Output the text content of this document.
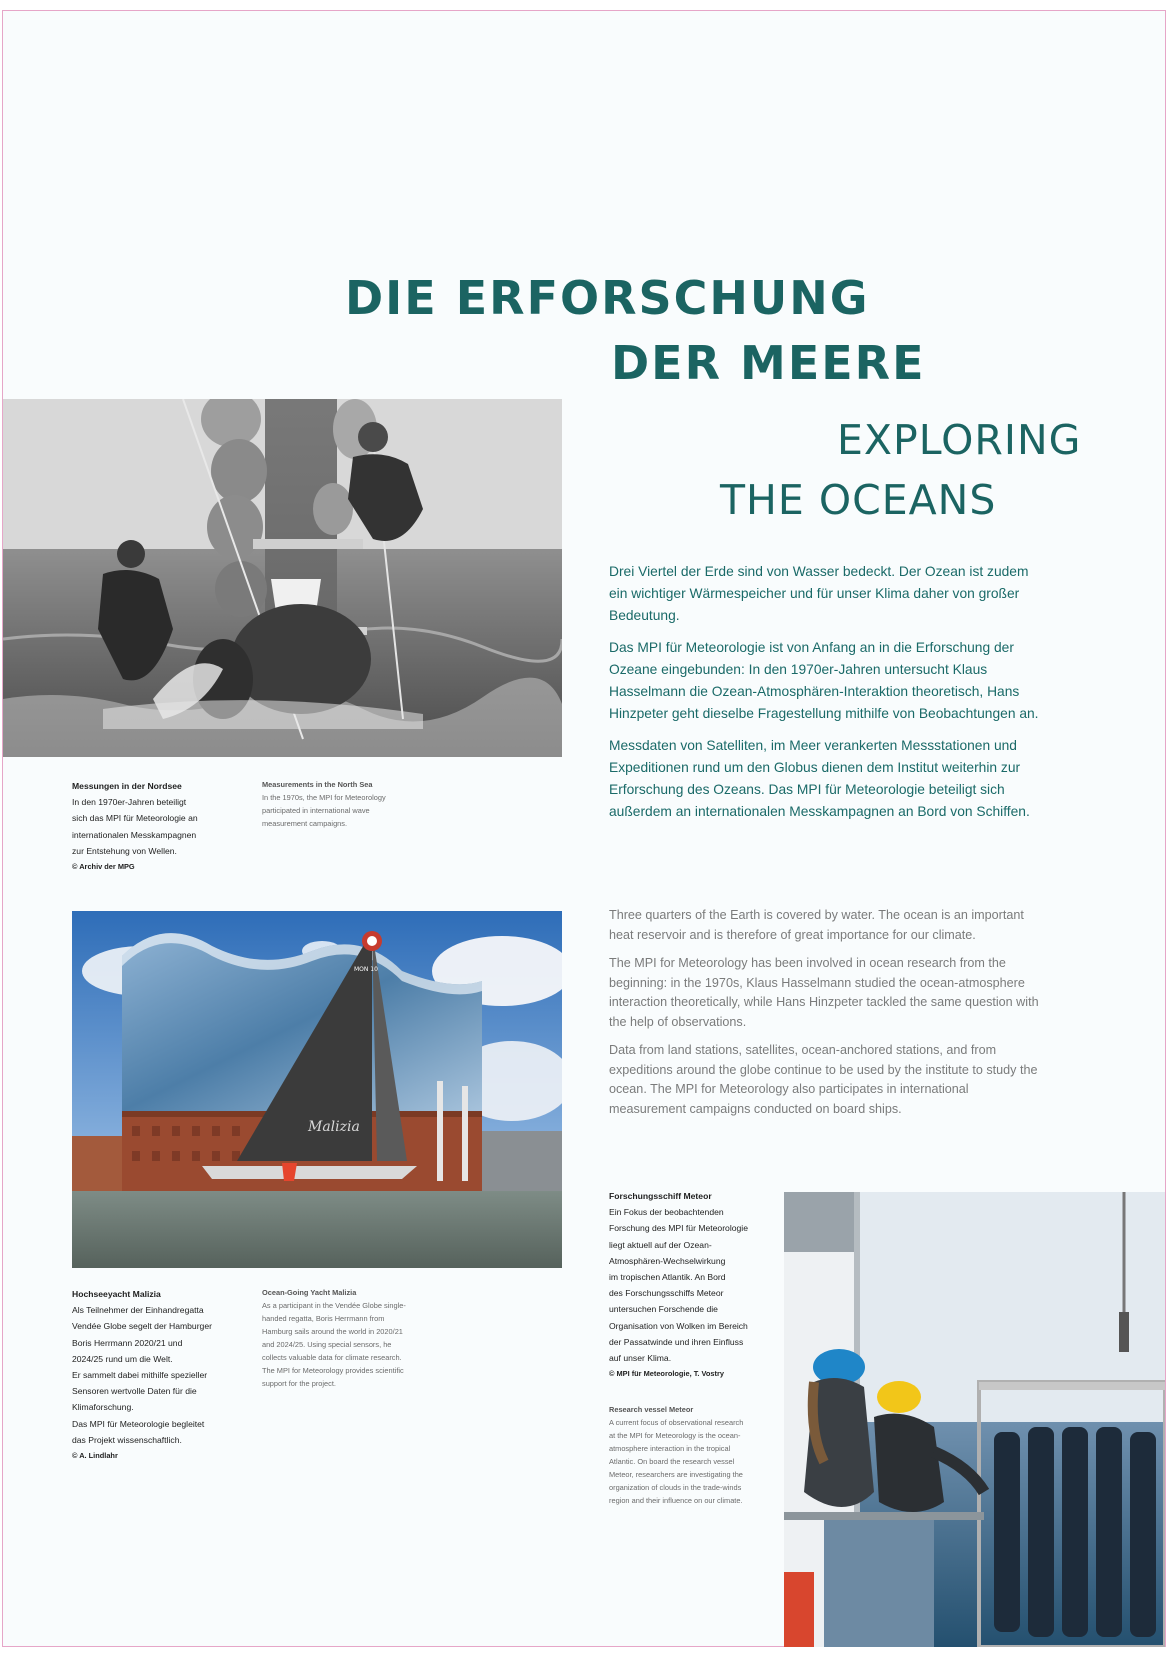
DIE ERFORSCHUNG
DER MEERE
EXPLORING
THE OCEANS

Drei Viertel der Erde sind von Wasser bedeckt. Der Ozean ist zudem ein wichtiger Wärmespeicher und für unser Klima daher von großer Bedeutung.

Das MPI für Meteorologie ist von Anfang an in die Erforschung der Ozeane eingebunden: In den 1970er-Jahren untersucht Klaus Hasselmann die Ozean-Atmosphären-Interaktion theoretisch, Hans Hinzpeter geht dieselbe Fragestellung mithilfe von Beobachtungen an.

Messdaten von Satelliten, im Meer verankerten Messstationen und Expeditionen rund um den Globus dienen dem Institut weiterhin zur Erforschung des Ozeans. Das MPI für Meteorologie beteiligt sich außerdem an internationalen Messkampagnen an Bord von Schiffen.

Three quarters of the Earth is covered by water. The ocean is an important heat reservoir and is therefore of great importance for our climate.

The MPI for Meteorology has been involved in ocean research from the beginning: in the 1970s, Klaus Hasselmann studied the ocean-atmosphere interaction theoretically, while Hans Hinzpeter tackled the same question with the help of observations.

Data from land stations, satellites, ocean-anchored stations, and from expeditions around the globe continue to be used by the institute to study the ocean. The MPI for Meteorology also participates in international measurement campaigns conducted on board ships.

Messungen in der Nordsee
In den 1970er-Jahren beteiligt
sich das MPI für Meteorologie an
internationalen Messkampagnen
zur Entstehung von Wellen.
© Archiv der MPG
Measurements in the North Sea
In the 1970s, the MPI for Meteorology
participated in international wave
measurement campaigns.
Malizia
MON 10
Hochseeyacht Malizia
Als Teilnehmer der Einhandregatta
Vendée Globe segelt der Hamburger
Boris Herrmann 2020/21 und
2024/25 rund um die Welt.
Er sammelt dabei mithilfe spezieller
Sensoren wertvolle Daten für die
Klimaforschung.
Das MPI für Meteorologie begleitet
das Projekt wissenschaftlich.
© A. Lindlahr
Ocean-Going Yacht Malizia
As a participant in the Vendée Globe single-
handed regatta, Boris Herrmann from
Hamburg sails around the world in 2020/21
and 2024/25. Using special sensors, he
collects valuable data for climate research.
The MPI for Meteorology provides scientific
support for the project.
Forschungsschiff Meteor
Ein Fokus der beobachtenden
Forschung des MPI für Meteorologie
liegt aktuell auf der Ozean-
Atmosphären-Wechselwirkung
im tropischen Atlantik. An Bord
des Forschungsschiffs Meteor
untersuchen Forschende die
Organisation von Wolken im Bereich
der Passatwinde und ihren Einfluss
auf unser Klima.
© MPI für Meteorologie, T. Vostry
Research vessel Meteor
A current focus of observational research
at the MPI for Meteorology is the ocean-
atmosphere interaction in the tropical
Atlantic. On board the research vessel
Meteor, researchers are investigating the
organization of clouds in the trade-winds
region and their influence on our climate.
